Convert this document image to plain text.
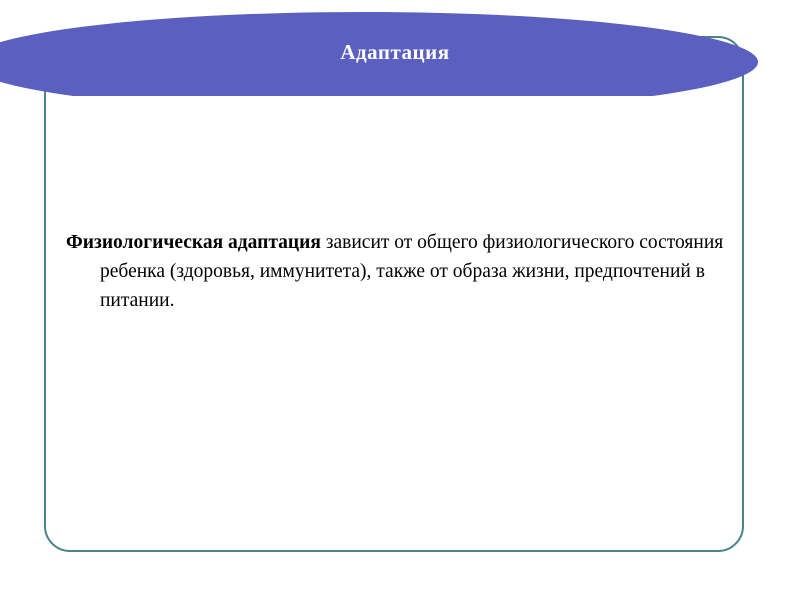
Адаптация

Физиологическая адаптация зависит от общего физиологического состояния ребенка (здоровья, иммунитета), также от образа жизни, предпочтений в питании.
